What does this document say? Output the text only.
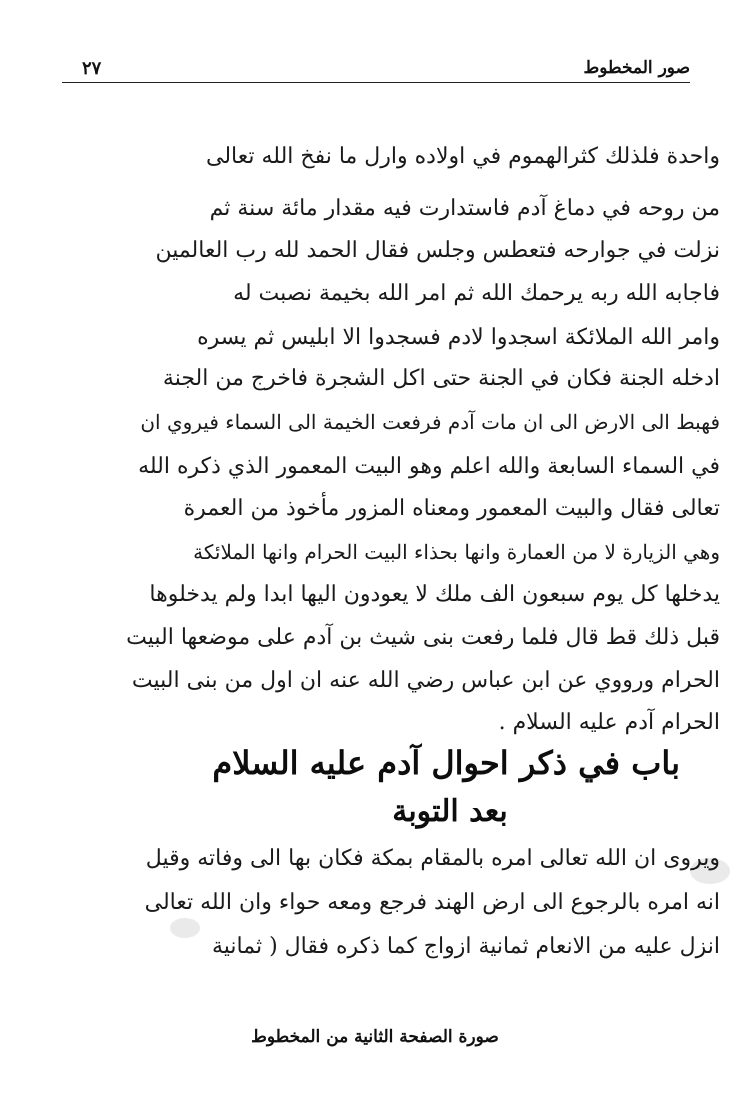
صور المخطوط
٢٧
واحدة فلذلك كثرالهموم في اولاده وارل ما نفخ الله تعالى
من روحه في دماغ آدم فاستدارت فيه مقدار مائة سنة ثم
نزلت في جوارحه فتعطس وجلس فقال الحمد لله رب العالمين
فاجابه الله ربه يرحمك الله ثم امر الله بخيمة نصبت له
وامر الله الملائكة اسجدوا لادم فسجدوا الا ابليس ثم يسره
ادخله الجنة فكان في الجنة حتى اكل الشجرة فاخرج من الجنة
فهبط الى الارض الى ان مات آدم فرفعت الخيمة الى السماء فيروي ان
في السماء السابعة والله اعلم وهو البيت المعمور الذي ذكره الله
تعالى فقال والبيت المعمور ومعناه المزور مأخوذ من العمرة
وهي الزيارة لا من العمارة وانها بحذاء البيت الحرام وانها الملائكة
يدخلها كل يوم سبعون الف ملك لا يعودون اليها ابدا ولم يدخلوها
قبل ذلك قط قال فلما رفعت بنى شيث بن آدم على موضعها البيت
الحرام ورووي عن ابن عباس رضي الله عنه ان اول من بنى البيت
الحرام آدم عليه السلام .
باب في ذكر احوال آدم عليه السلام
بعد التوبة
ويروى ان الله تعالى امره بالمقام بمكة فكان بها الى وفاته وقيل
انه امره بالرجوع الى ارض الهند فرجع ومعه حواء وان الله تعالى
انزل عليه من الانعام ثمانية ازواج كما ذكره فقال ( ثمانية
صورة الصفحة الثانية من المخطوط
